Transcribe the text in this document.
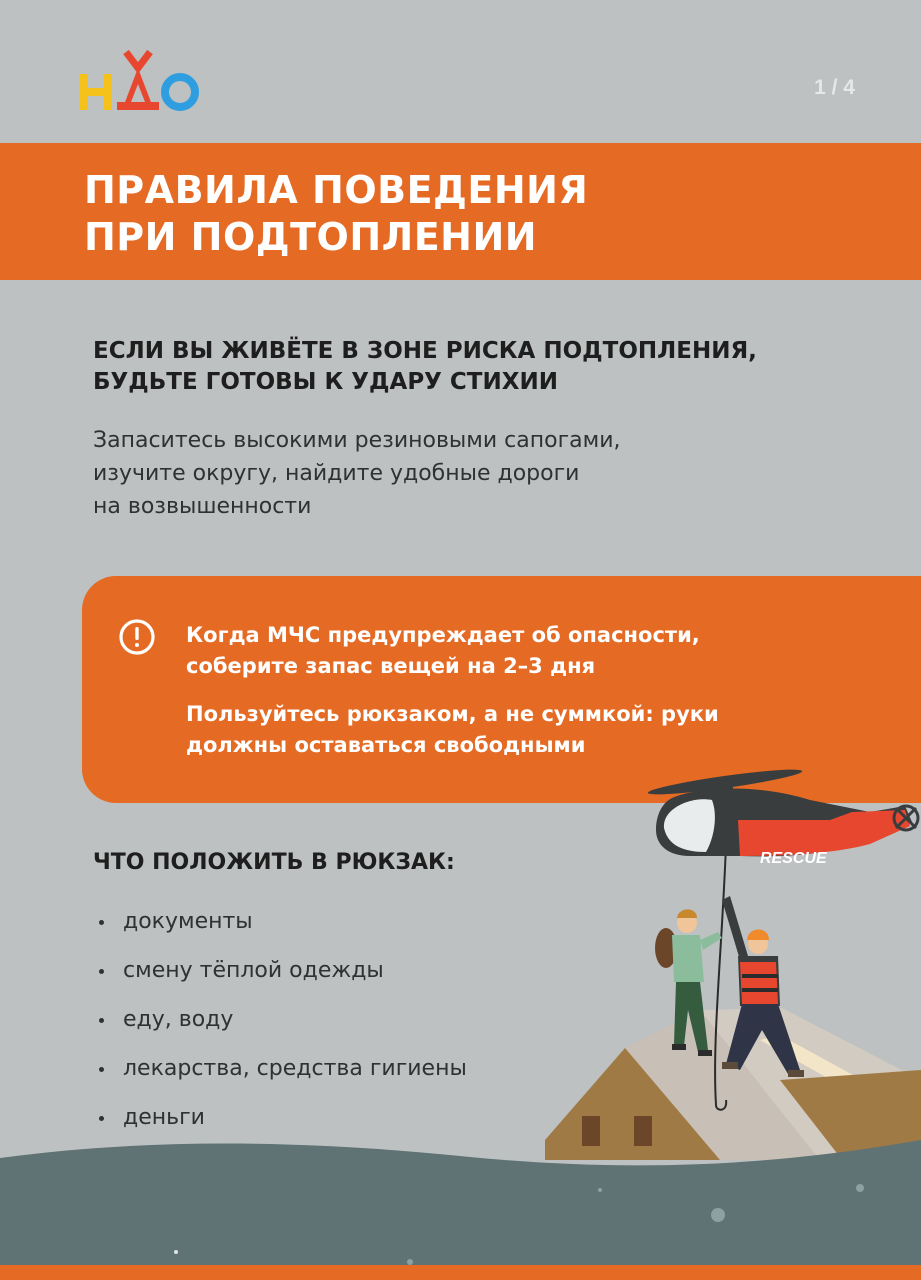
1 / 4
ПРАВИЛА ПОВЕДЕНИЯ
ПРИ ПОДТОПЛЕНИИ
ЕСЛИ ВЫ ЖИВЁТЕ В ЗОНЕ РИСКА ПОДТОПЛЕНИЯ,
БУДЬТЕ ГОТОВЫ К УДАРУ СТИХИИ
Запаситесь высокими резиновыми сапогами,
изучите округу, найдите удобные дороги
на возвышенности

Когда МЧС предупреждает об опасности,
соберите запас вещей на 2–3 дня

Пользуйтесь рюкзаком, а не суммкой: руки
должны оставаться свободными

RESCUE
ЧТО ПОЛОЖИТЬ В РЮКЗАК:
документы
смену тёплой одежды
еду, воду
лекарства, средства гигиены
деньги
